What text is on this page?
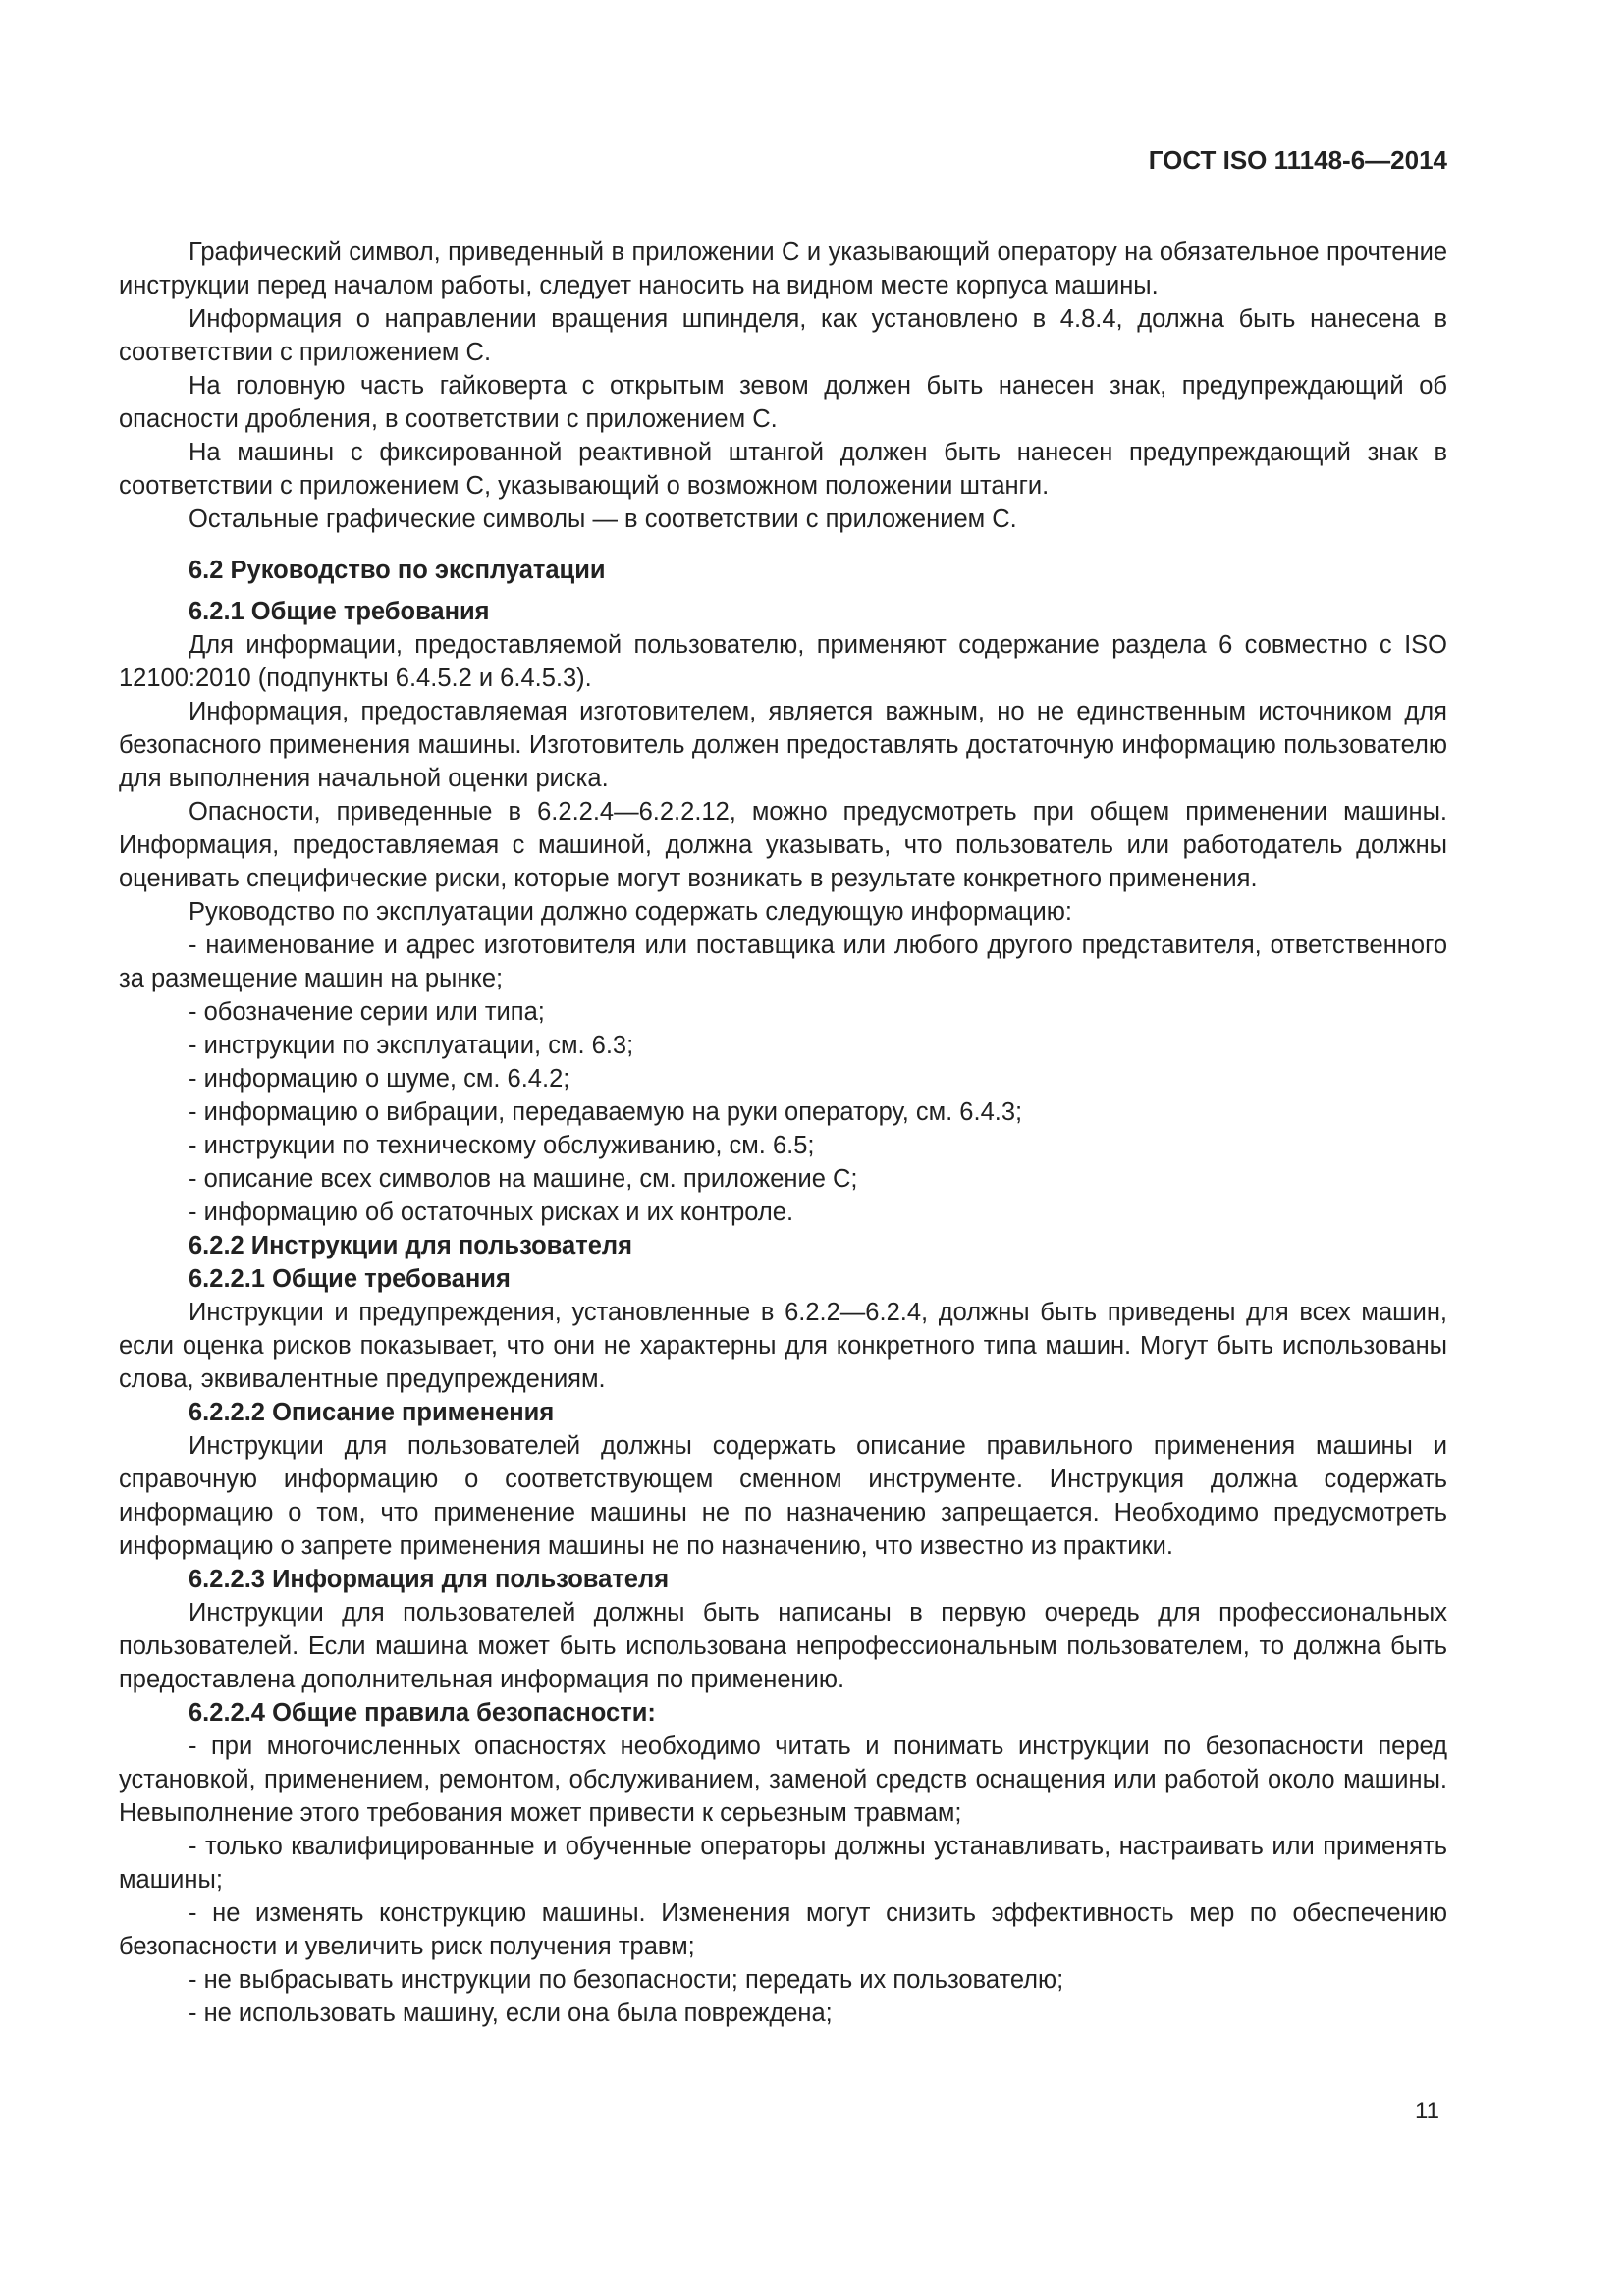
ГОСТ ISO 11148-6—2014

Графический символ, приведенный в приложении С и указывающий оператору на обязательное прочтение инструкции перед началом работы, следует наносить на видном месте корпуса машины.

Информация о направлении вращения шпинделя, как установлено в 4.8.4, должна быть нанесена в соответствии с приложением С.

На головную часть гайковерта с открытым зевом должен быть нанесен знак, предупреждающий об опасности дробления, в соответствии с приложением С.

На машины с фиксированной реактивной штангой должен быть нанесен предупреждающий знак в соответствии с приложением С, указывающий о возможном положении штанги.

Остальные графические символы — в соответствии с приложением С.

6.2 Руководство по эксплуатации
6.2.1 Общие требования

Для информации, предоставляемой пользователю, применяют содержание раздела 6 совместно с ISO 12100:2010 (подпункты 6.4.5.2 и 6.4.5.3).

Информация, предоставляемая изготовителем, является важным, но не единственным источником для безопасного применения машины. Изготовитель должен предоставлять достаточную информацию пользователю для выполнения начальной оценки риска.

Опасности, приведенные в 6.2.2.4—6.2.2.12, можно предусмотреть при общем применении машины. Информация, предоставляемая с машиной, должна указывать, что пользователь или работодатель должны оценивать специфические риски, которые могут возникать в результате конкретного применения.

Руководство по эксплуатации должно содержать следующую информацию:

- наименование и адрес изготовителя или поставщика или любого другого представителя, ответственного за размещение машин на рынке;

- обозначение серии или типа;

- инструкции по эксплуатации, см. 6.3;

- информацию о шуме, см. 6.4.2;

- информацию о вибрации, передаваемую на руки оператору, см. 6.4.3;

- инструкции по техническому обслуживанию, см. 6.5;

- описание всех символов на машине, см. приложение С;

- информацию об остаточных рисках и их контроле.

6.2.2 Инструкции для пользователя
6.2.2.1 Общие требования

Инструкции и предупреждения, установленные в 6.2.2—6.2.4, должны быть приведены для всех машин, если оценка рисков показывает, что они не характерны для конкретного типа машин. Могут быть использованы слова, эквивалентные предупреждениям.

6.2.2.2 Описание применения

Инструкции для пользователей должны содержать описание правильного применения машины и справочную информацию о соответствующем сменном инструменте. Инструкция должна содержать информацию о том, что применение машины не по назначению запрещается. Необходимо предусмотреть информацию о запрете применения машины не по назначению, что известно из практики.

6.2.2.3 Информация для пользователя

Инструкции для пользователей должны быть написаны в первую очередь для профессиональных пользователей. Если машина может быть использована непрофессиональным пользователем, то должна быть предоставлена дополнительная информация по применению.

6.2.2.4 Общие правила безопасности:

- при многочисленных опасностях необходимо читать и понимать инструкции по безопасности перед установкой, применением, ремонтом, обслуживанием, заменой средств оснащения или работой около машины. Невыполнение этого требования может привести к серьезным травмам;

- только квалифицированные и обученные операторы должны устанавливать, настраивать или применять машины;

- не изменять конструкцию машины. Изменения могут снизить эффективность мер по обеспечению безопасности и увеличить риск получения травм;

- не выбрасывать инструкции по безопасности; передать их пользователю;

- не использовать машину, если она была повреждена;

11
